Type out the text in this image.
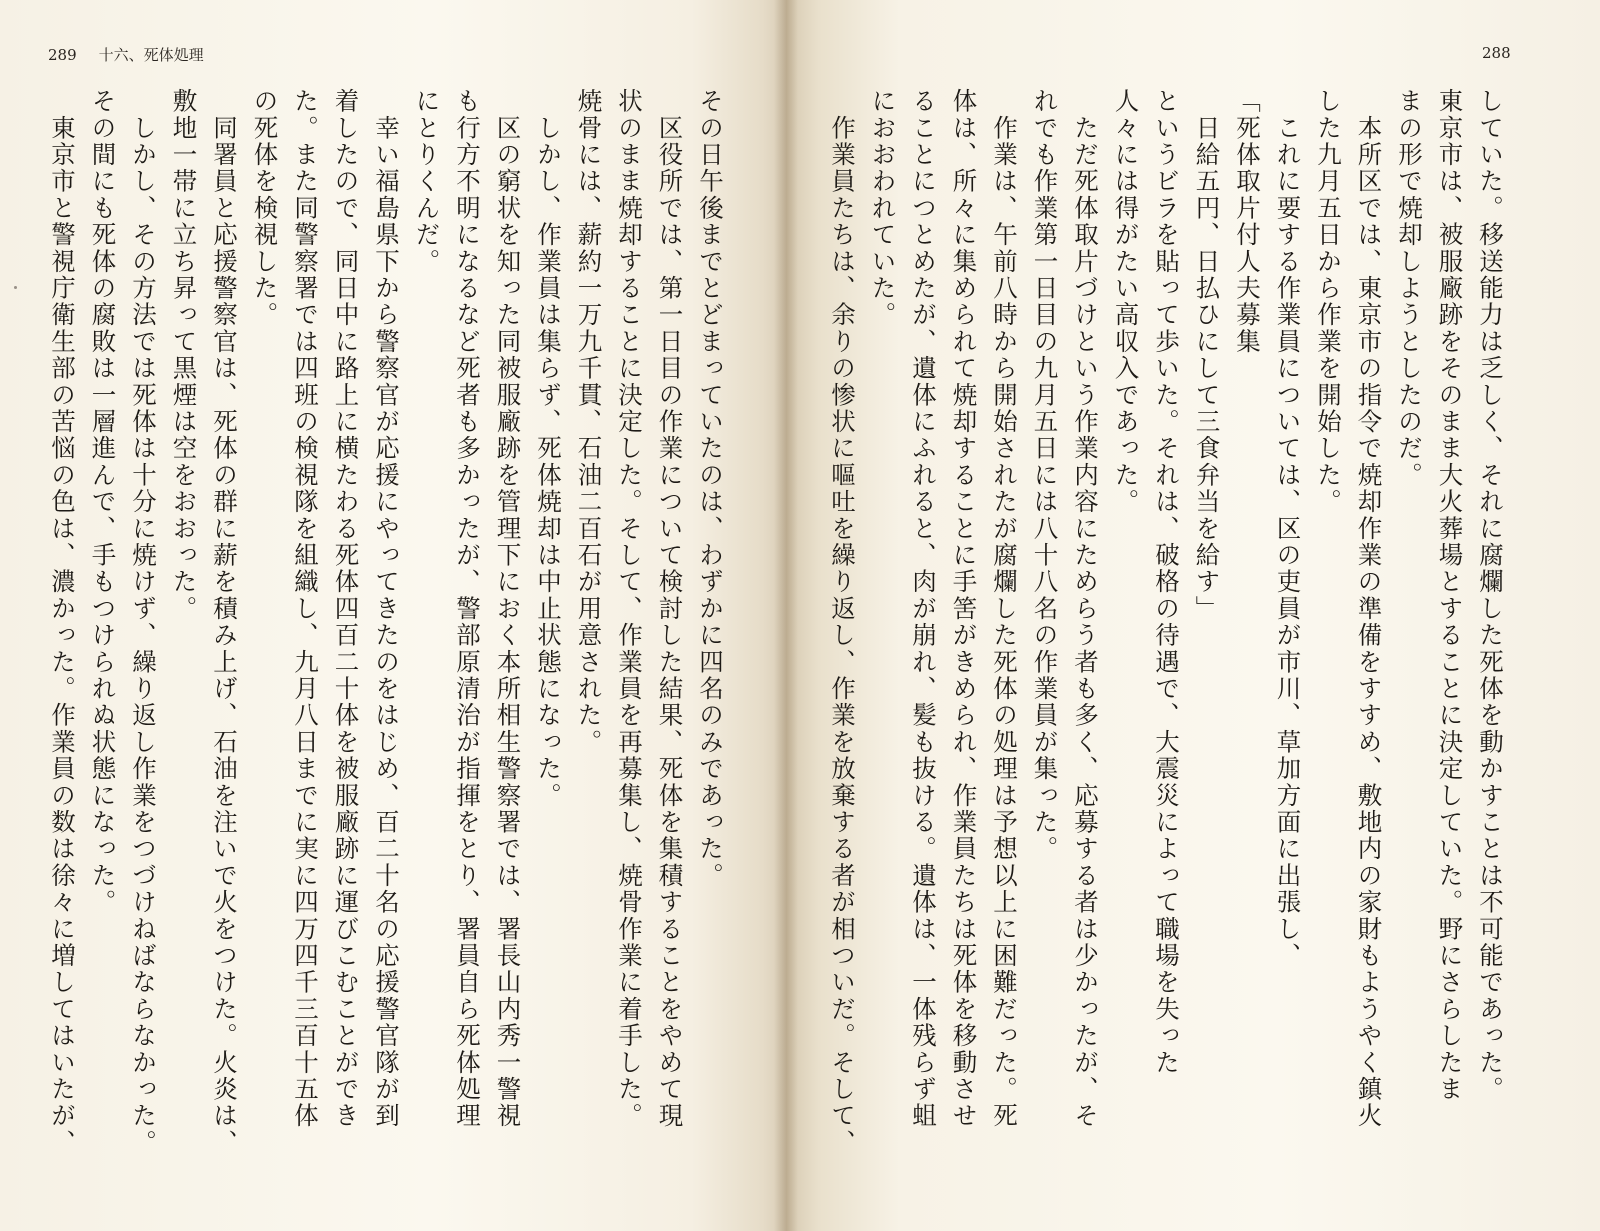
289 十六、死体処理

その日午後までとどまっていたのは、わずかに四名のみであった。

　区役所では、第一日目の作業について検討した結果、死体を集積することをやめて現

状のまま焼却することに決定した。そして、作業員を再募集し、焼骨作業に着手した。

焼骨には、薪約一万九千貫、石油二百石が用意された。

　しかし、作業員は集らず、死体焼却は中止状態になった。

　区の窮状を知った同被服廠跡を管理下におく本所相生警察署では、署長山内秀一警視

も行方不明になるなど死者も多かったが、警部原清治が指揮をとり、署員自ら死体処理

にとりくんだ。

　幸い福島県下から警察官が応援にやってきたのをはじめ、百二十名の応援警官隊が到

着したので、同日中に路上に横たわる死体四百二十体を被服廠跡に運びこむことができ

た。また同警察署では四班の検視隊を組織し、九月八日までに実に四万四千三百十五体

の死体を検視した。

　同署員と応援警察官は、死体の群に薪を積み上げ、石油を注いで火をつけた。火炎は、

敷地一帯に立ち昇って黒煙は空をおおった。

　しかし、その方法では死体は十分に焼けず、繰り返し作業をつづけねばならなかった。

その間にも死体の腐敗は一層進んで、手もつけられぬ状態になった。

　東京市と警視庁衛生部の苦悩の色は、濃かった。作業員の数は徐々に増してはいたが、

288

していた。移送能力は乏しく、それに腐爛した死体を動かすことは不可能であった。

東京市は、被服廠跡をそのまま大火葬場とすることに決定していた。野にさらしたま

まの形で焼却しようとしたのだ。

　本所区では、東京市の指令で焼却作業の準備をすすめ、敷地内の家財もようやく鎮火

した九月五日から作業を開始した。

　これに要する作業員については、区の吏員が市川、草加方面に出張し、

「死体取片付人夫募集

　日給五円、日払ひにして三食弁当を給す」

というビラを貼って歩いた。それは、破格の待遇で、大震災によって職場を失った

人々には得がたい高収入であった。

　ただ死体取片づけという作業内容にためらう者も多く、応募する者は少かったが、そ

れでも作業第一日目の九月五日には八十八名の作業員が集った。

　作業は、午前八時から開始されたが腐爛した死体の処理は予想以上に困難だった。死

体は、所々に集められて焼却することに手筈がきめられ、作業員たちは死体を移動させ

ることにつとめたが、遺体にふれると、肉が崩れ、髪も抜ける。遺体は、一体残らず蛆

におおわれていた。

　作業員たちは、余りの惨状に嘔吐を繰り返し、作業を放棄する者が相ついだ。そして、
